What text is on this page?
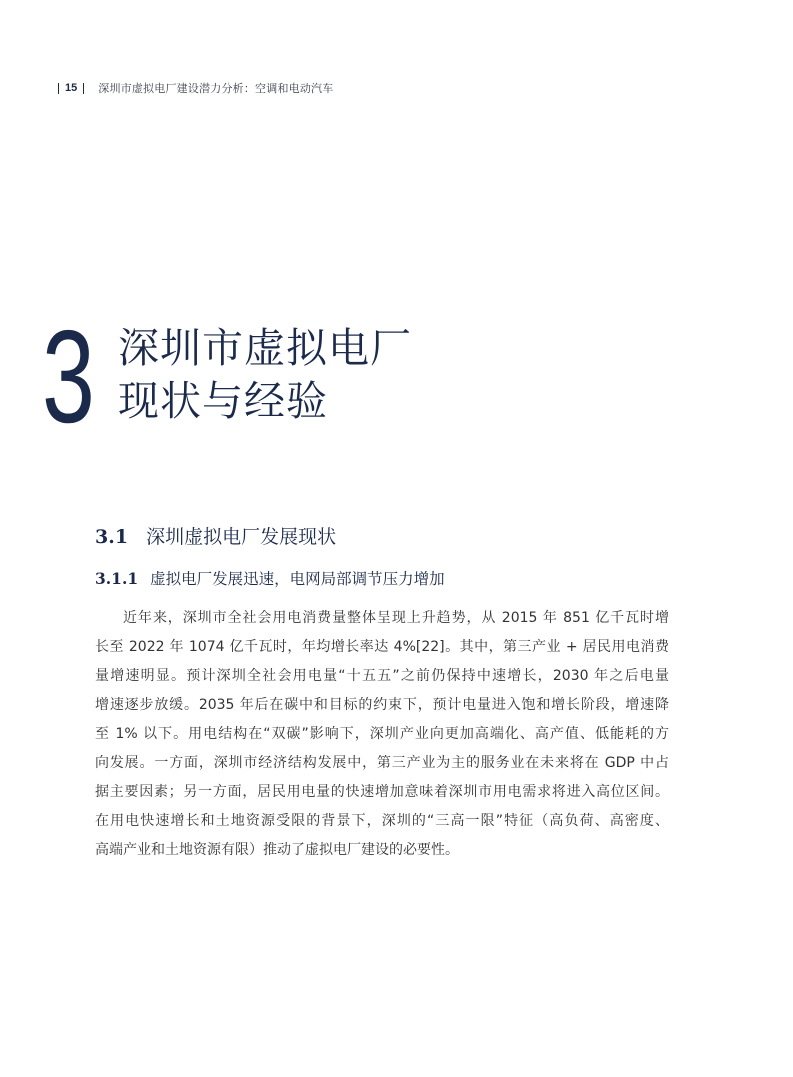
15 深圳市虚拟电厂建设潜力分析：空调和电动汽车
3 深圳市虚拟电厂
现状与经验
3.1 深圳虚拟电厂发展现状
3.1.1 虚拟电厂发展迅速，电网局部调节压力增加
近年来，深圳市全社会用电消费量整体呈现上升趋势，从 2015 年 851 亿千瓦时增
长至 2022 年 1074 亿千瓦时，年均增长率达 4%[22]。其中，第三产业 + 居民用电消费
量增速明显。预计深圳全社会用电量“十五五”之前仍保持中速增长，2030 年之后电量
增速逐步放缓。2035 年后在碳中和目标的约束下，预计电量进入饱和增长阶段，增速降
至 1% 以下。用电结构在“双碳”影响下，深圳产业向更加高端化、高产值、低能耗的方
向发展。一方面，深圳市经济结构发展中，第三产业为主的服务业在未来将在 GDP 中占
据主要因素；另一方面，居民用电量的快速增加意味着深圳市用电需求将进入高位区间。
在用电快速增长和土地资源受限的背景下，深圳的“三高一限”特征（高负荷、高密度、
高端产业和土地资源有限）推动了虚拟电厂建设的必要性。
